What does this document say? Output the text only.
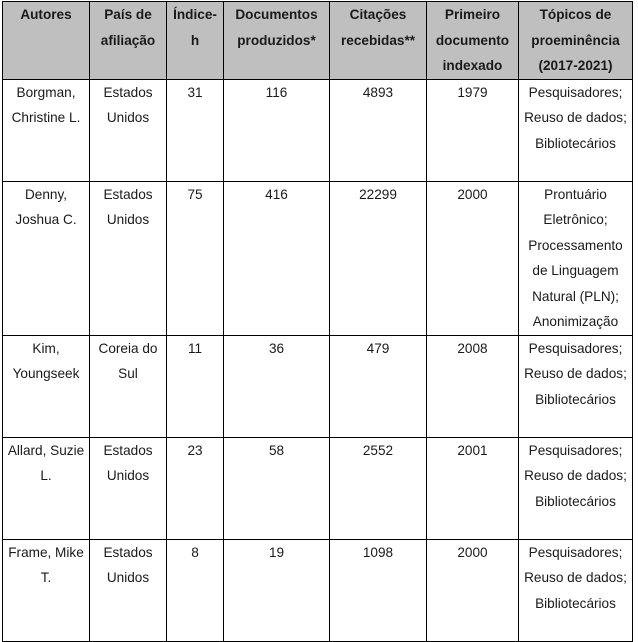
Autores	País de afiliação	Índice-h	Documentos produzidos*	Citações recebidas**	Primeiro documento indexado	Tópicos de proeminência (2017-2021)
Borgman, Christine L.	Estados Unidos	31	116	4893	1979	Pesquisadores; Reuso de dados; Bibliotecários
Denny, Joshua C.	Estados Unidos	75	416	22299	2000	Prontuário Eletrônico; Processamento de Linguagem Natural (PLN); Anonimização
Kim, Youngseek	Coreia do Sul	11	36	479	2008	Pesquisadores; Reuso de dados; Bibliotecários
Allard, Suzie L.	Estados Unidos	23	58	2552	2001	Pesquisadores; Reuso de dados; Bibliotecários
Frame, Mike T.	Estados Unidos	8	19	1098	2000	Pesquisadores; Reuso de dados; Bibliotecários
